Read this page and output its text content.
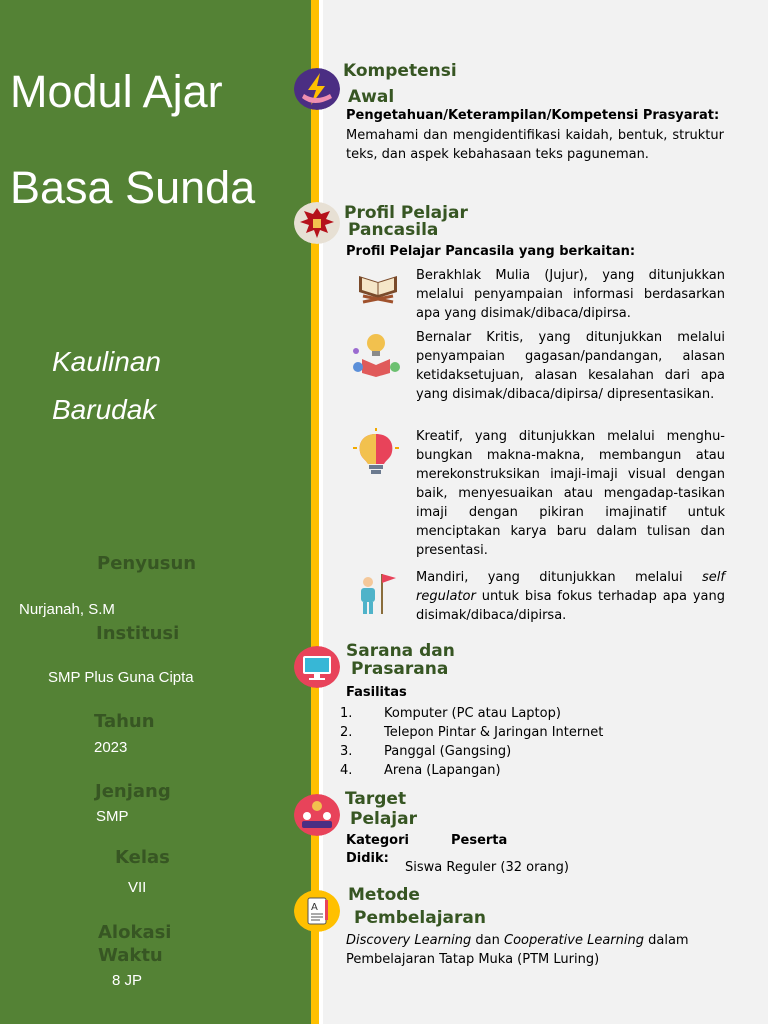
Modul Ajar
Basa Sunda
Kaulinan
Barudak
Penyusun
Nurjanah, S.M
Institusi
SMP Plus Guna Cipta
Tahun
2023
Jenjang
SMP
Kelas
VII
Alokasi
Waktu
8 JP
Kompetensi
Awal
Pengetahuan/Keterampilan/Kompetensi Prasyarat:
Memahami dan mengidentifikasi kaidah, bentuk, struktur teks, dan aspek kebahasaan teks paguneman.
Profil Pelajar
Pancasila
Profil Pelajar Pancasila yang berkaitan:
Berakhlak Mulia (Jujur), yang ditunjukkan melalui penyampaian informasi berdasarkan apa yang disimak/dibaca/dipirsa.
Bernalar Kritis, yang ditunjukkan melalui penyampaian gagasan/pandangan, alasan ketidaksetujuan, alasan kesalahan dari apa yang disimak/dibaca/dipirsa/ dipresentasikan.
Kreatif, yang ditunjukkan melalui menghu-bungkan makna-makna, membangun atau merekonstruksikan imaji-imaji visual dengan baik, menyesuaikan atau mengadap-tasikan imaji dengan pikiran imajinatif untuk menciptakan karya baru dalam tulisan dan presentasi.
Mandiri, yang ditunjukkan melalui self regulator untuk bisa fokus terhadap apa yang disimak/dibaca/dipirsa.
Sarana dan
Prasarana
Fasilitas
1. Komputer (PC atau Laptop)
2. Telepon Pintar & Jaringan Internet
3. Panggal (Gangsing)
4. Arena (Lapangan)
Target
Pelajar
Kategori	Peserta
Didik:
Siswa Reguler (32 orang)
A
Metode
Pembelajaran
Discovery Learning dan Cooperative Learning dalam Pembelajaran Tatap Muka (PTM Luring)
